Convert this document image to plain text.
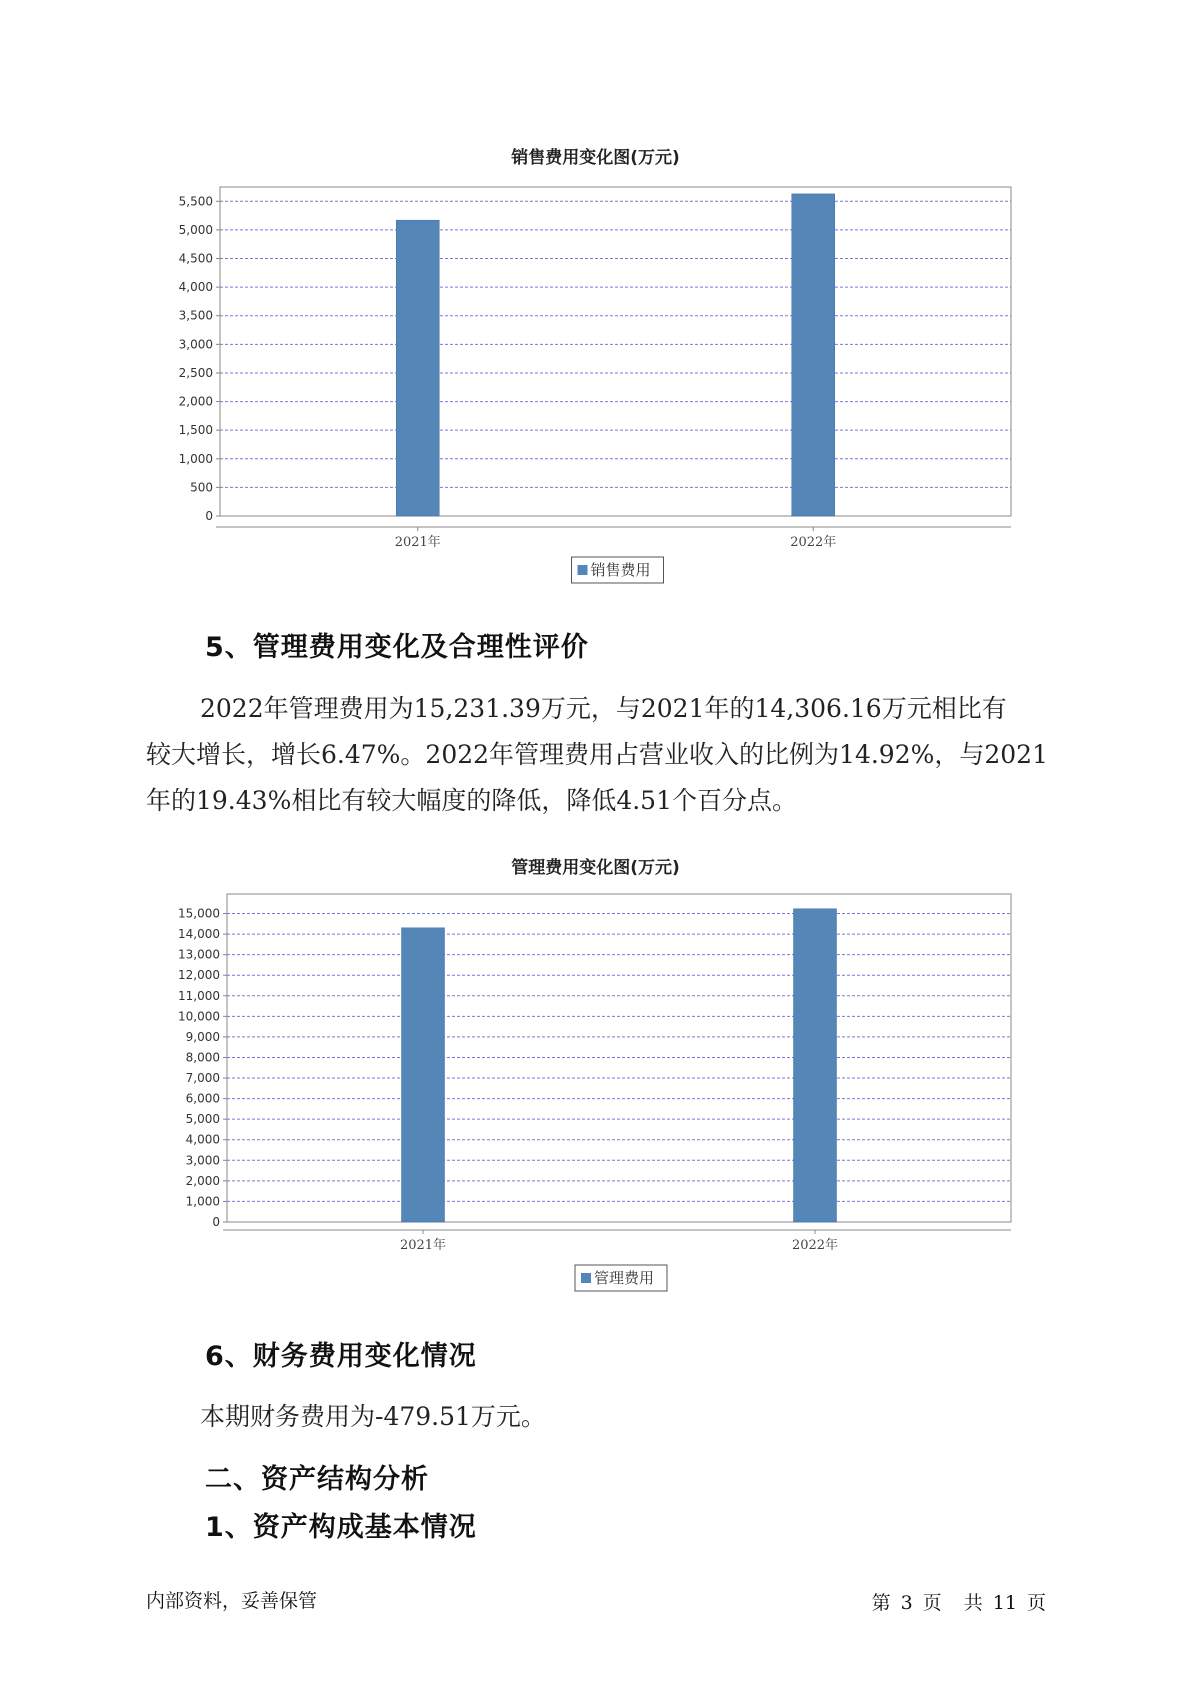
销售费用变化图(万元)
0
500
1,000
1,500
2,000
2,500
3,000
3,500
4,000
4,500
5,000
5,500
2021年	2022年
销售费用
5、管理费用变化及合理性评价
2022年管理费用为15,231.39万元，与2021年的14,306.16万元相比有
较大增长，增长6.47%。2022年管理费用占营业收入的比例为14.92%，与2021
年的19.43%相比有较大幅度的降低，降低4.51个百分点。
管理费用变化图(万元)
0
1,000
2,000
3,000
4,000
5,000
6,000
7,000
8,000
9,000
10,000
11,000
12,000
13,000
14,000
15,000
2021年	2022年
管理费用
6、财务费用变化情况
本期财务费用为-479.51万元。
二、资产结构分析
1、资产构成基本情况
内部资料，妥善保管	第 3 页 共 11 页
